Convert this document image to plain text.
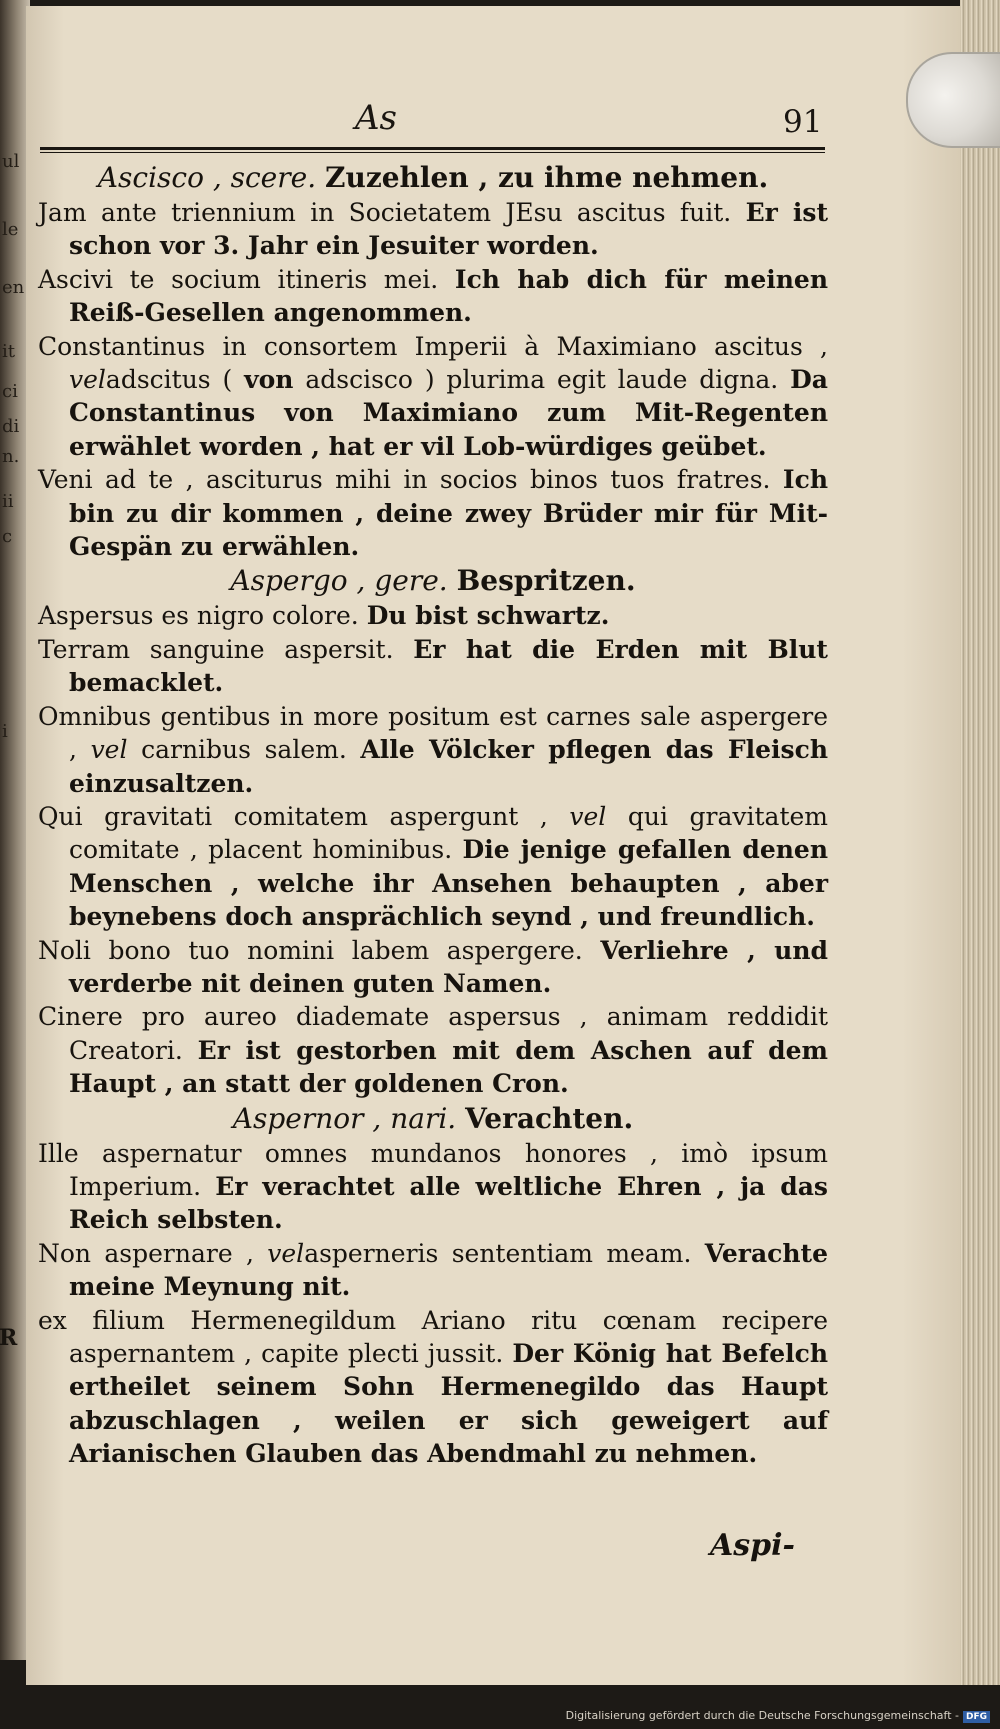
ul
le
en
it
ci
di
n.
ii
c
i
As	91

Ascisco , scere. Zuzehlen , zu ihme nehmen.

Jam ante triennium in Societatem JEsu ascitus fuit. Er ist schon vor 3. Jahr ein Jesuiter worden.

Ascivi te socium itineris mei. Ich hab dich für meinen Reiß-Gesellen angenommen.

Constantinus in consortem Imperii à Maximiano ascitus , veladscitus ( von adscisco ) plurima egit laude digna. Da Constantinus von Maximiano zum Mit-Regenten erwählet worden , hat er vil Lob-würdiges geübet.

Veni ad te , asciturus mihi in socios binos tuos fratres. Ich bin zu dir kommen , deine zwey Brüder mir für Mit-Gespän zu erwählen.

Aspergo , gere. Bespritzen.

Aspersus es nigro colore. Du bist schwartz.

Terram sanguine aspersit. Er hat die Erden mit Blut bemacklet.

Omnibus gentibus in more positum est carnes sale aspergere , vel carnibus salem. Alle Völcker pflegen das Fleisch einzusaltzen.

Qui gravitati comitatem aspergunt , vel qui gravitatem comitate , placent hominibus. Die jenige gefallen denen Menschen , welche ihr Ansehen behaupten , aber beynebens doch ansprächlich seynd , und freundlich.

Noli bono tuo nomini labem aspergere. Verliehre , und verderbe nit deinen guten Namen.

Cinere pro aureo diademate aspersus , animam reddidit Creatori. Er ist gestorben mit dem Aschen auf dem Haupt , an statt der goldenen Cron.

Aspernor , nari. Verachten.

Ille aspernatur omnes mundanos honores , imò ipsum Imperium. Er verachtet alle weltliche Ehren , ja das Reich selbsten.

Non aspernare , velasperneris sententiam meam. Verachte meine Meynung nit.

ex filium Hermenegildum Ariano ritu cœnam recipere aspernantem , capite plecti jussit. Der König hat Befelch ertheilet seinem Sohn Hermenegildo das Haupt abzuschlagen , weilen er sich geweigert auf Arianischen Glauben das Abendmahl zu nehmen.

Aspi-
Digitalisierung gefördert durch die Deutsche Forschungsgemeinschaft - DFG
